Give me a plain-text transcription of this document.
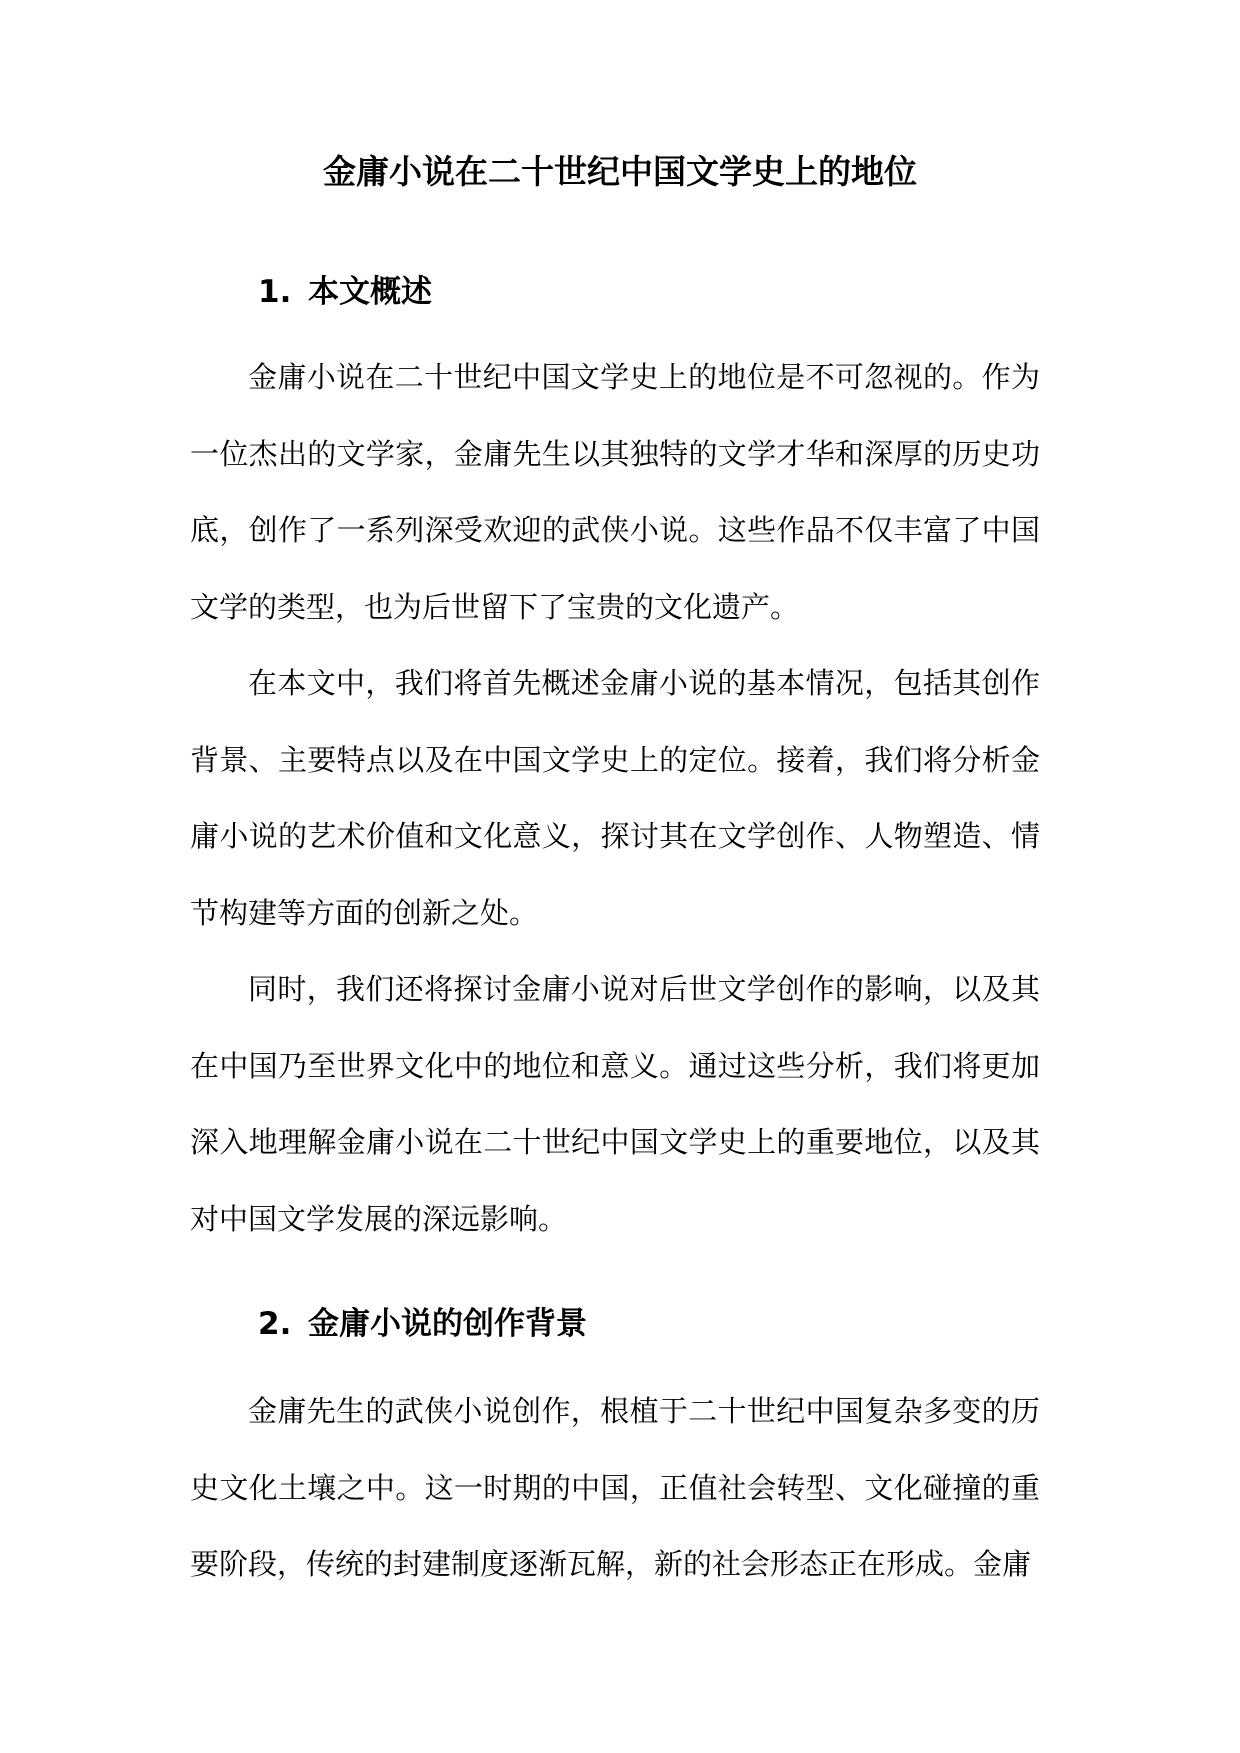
金庸小说在二十世纪中国文学史上的地位
1. 本文概述

金庸小说在二十世纪中国文学史上的地位是不可忽视的。作为一位杰出的文学家，金庸先生以其独特的文学才华和深厚的历史功底，创作了一系列深受欢迎的武侠小说。这些作品不仅丰富了中国文学的类型，也为后世留下了宝贵的文化遗产。

在本文中，我们将首先概述金庸小说的基本情况，包括其创作背景、主要特点以及在中国文学史上的定位。接着，我们将分析金庸小说的艺术价值和文化意义，探讨其在文学创作、人物塑造、情节构建等方面的创新之处。

同时，我们还将探讨金庸小说对后世文学创作的影响，以及其在中国乃至世界文化中的地位和意义。通过这些分析，我们将更加深入地理解金庸小说在二十世纪中国文学史上的重要地位，以及其对中国文学发展的深远影响。

2. 金庸小说的创作背景

金庸先生的武侠小说创作，根植于二十世纪中国复杂多变的历史文化土壤之中。这一时期的中国，正值社会转型、文化碰撞的重要阶段，传统的封建制度逐渐瓦解，新的社会形态正在形成。金庸
